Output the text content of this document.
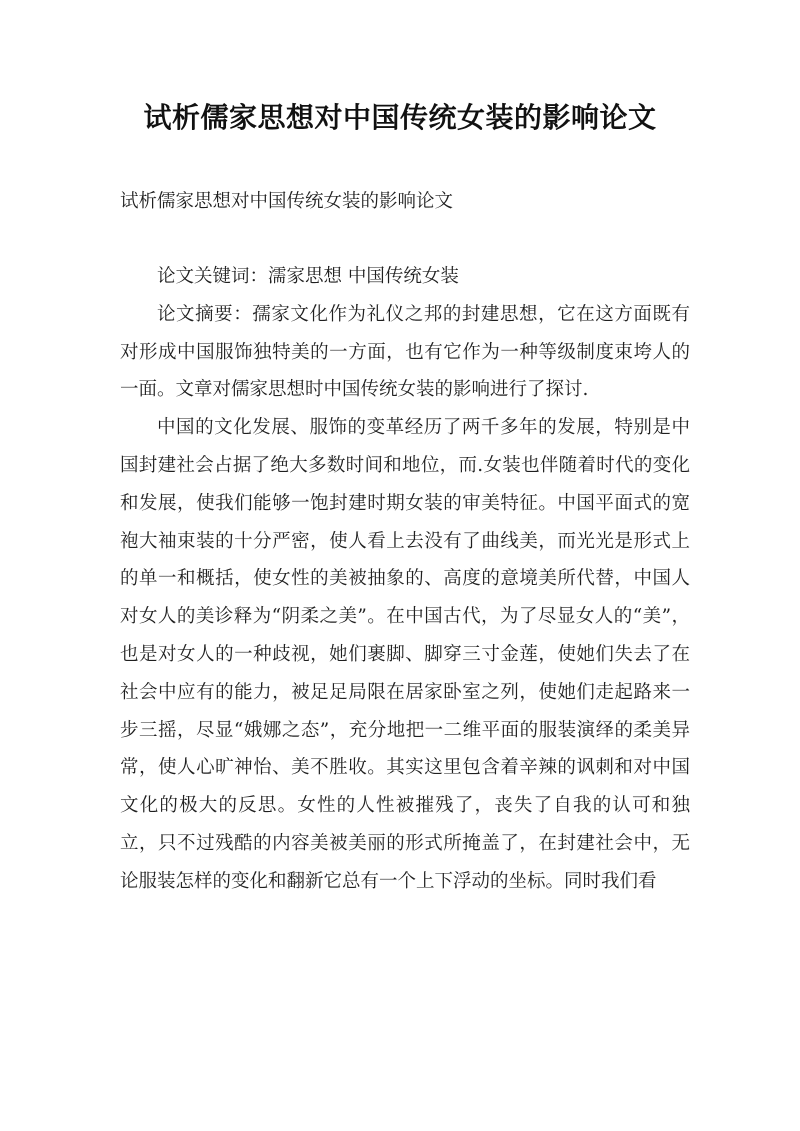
试析儒家思想对中国传统女装的影响论文
试析儒家思想对中国传统女装的影响论文

论文关键词：濡家思想 中国传统女装

论文摘要：孺家文化作为礼仪之邦的封建思想，它在这方面既有对形成中国服饰独特美的一方面，也有它作为一种等级制度束垮人的一面。文章对儒家思想时中国传统女装的影响进行了探讨.

中国的文化发展、服饰的变革经历了两千多年的发展，特别是中国封建社会占据了绝大多数时间和地位，而.女装也伴随着时代的变化和发展，使我们能够一饱封建时期女装的审美特征。中国平面式的宽袍大袖束装的十分严密，使人看上去没有了曲线美，而光光是形式上的单一和概括，使女性的美被抽象的、高度的意境美所代替，中国人对女人的美诊释为“阴柔之美”。在中国古代，为了尽显女人的“美”，也是对女人的一种歧视，她们裹脚、脚穿三寸金莲，使她们失去了在社会中应有的能力，被足足局限在居家卧室之列，使她们走起路来一步三摇，尽显“娥娜之态”，充分地把一二维平面的服装演绎的柔美异常，使人心旷神怡、美不胜收。其实这里包含着辛辣的讽刺和对中国文化的极大的反思。女性的人性被摧残了，丧失了自我的认可和独立，只不过残酷的内容美被美丽的形式所掩盖了，在封建社会中，无论服装怎样的变化和翻新它总有一个上下浮动的坐标。同时我们看
